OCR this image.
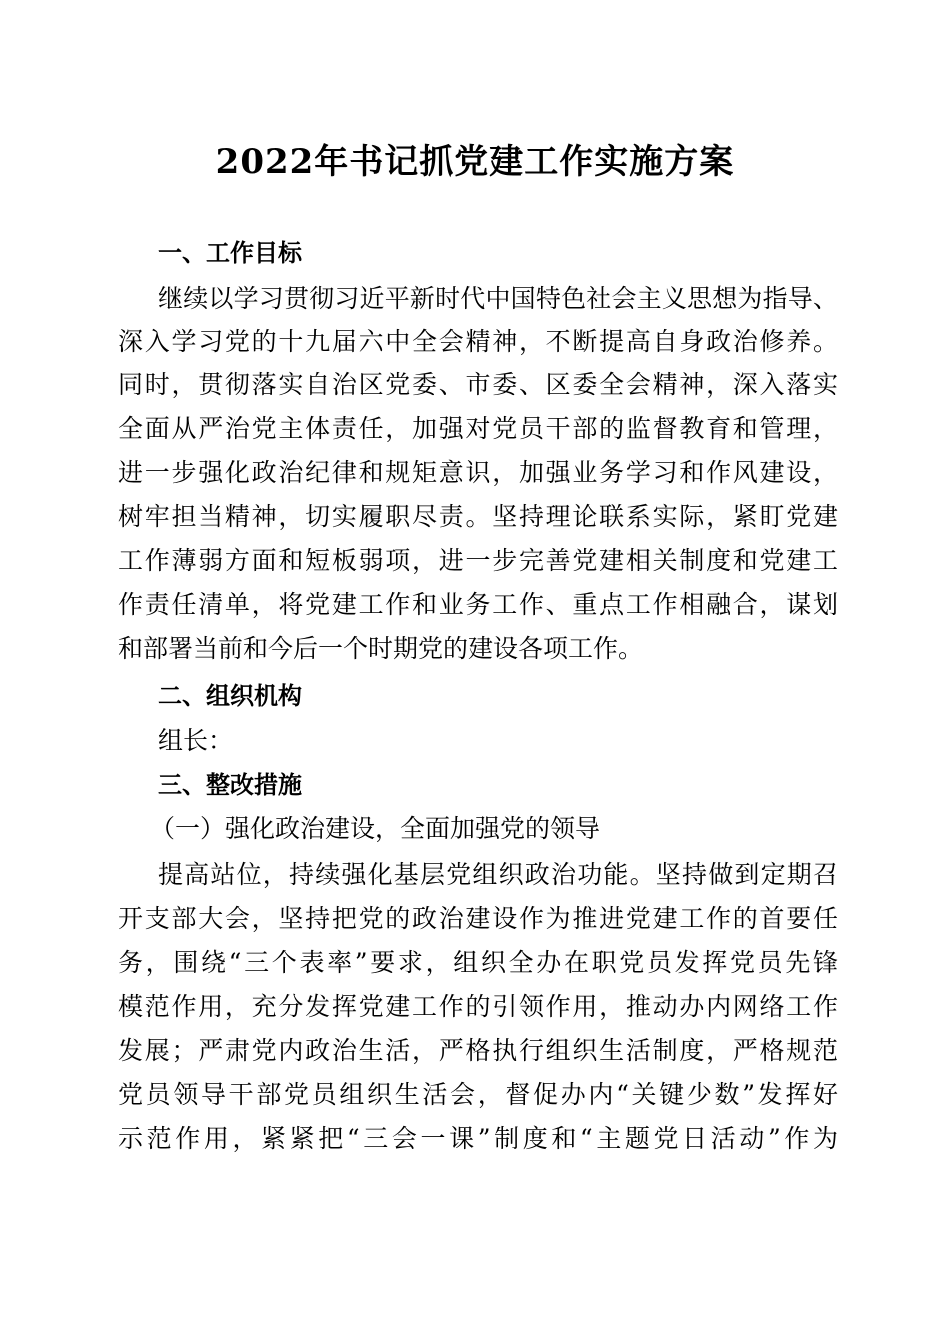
2022年书记抓党建工作实施方案
一、工作目标
继续以学习贯彻习近平新时代中国特色社会主义思想为指导、
深入学习党的十九届六中全会精神，不断提高自身政治修养。
同时，贯彻落实自治区党委、市委、区委全会精神，深入落实
全面从严治党主体责任，加强对党员干部的监督教育和管理，
进一步强化政治纪律和规矩意识，加强业务学习和作风建设，
树牢担当精神，切实履职尽责。坚持理论联系实际，紧盯党建
工作薄弱方面和短板弱项，进一步完善党建相关制度和党建工
作责任清单，将党建工作和业务工作、重点工作相融合，谋划
和部署当前和今后一个时期党的建设各项工作。
二、组织机构
组长：
三、整改措施
（一）强化政治建设，全面加强党的领导
提高站位，持续强化基层党组织政治功能。坚持做到定期召
开支部大会，坚持把党的政治建设作为推进党建工作的首要任
务，围绕“三个表率”要求，组织全办在职党员发挥党员先锋
模范作用，充分发挥党建工作的引领作用，推动办内网络工作
发展；严肃党内政治生活，严格执行组织生活制度，严格规范
党员领导干部党员组织生活会，督促办内“关键少数”发挥好
示范作用，紧紧把“三会一课”制度和“主题党日活动”作为
